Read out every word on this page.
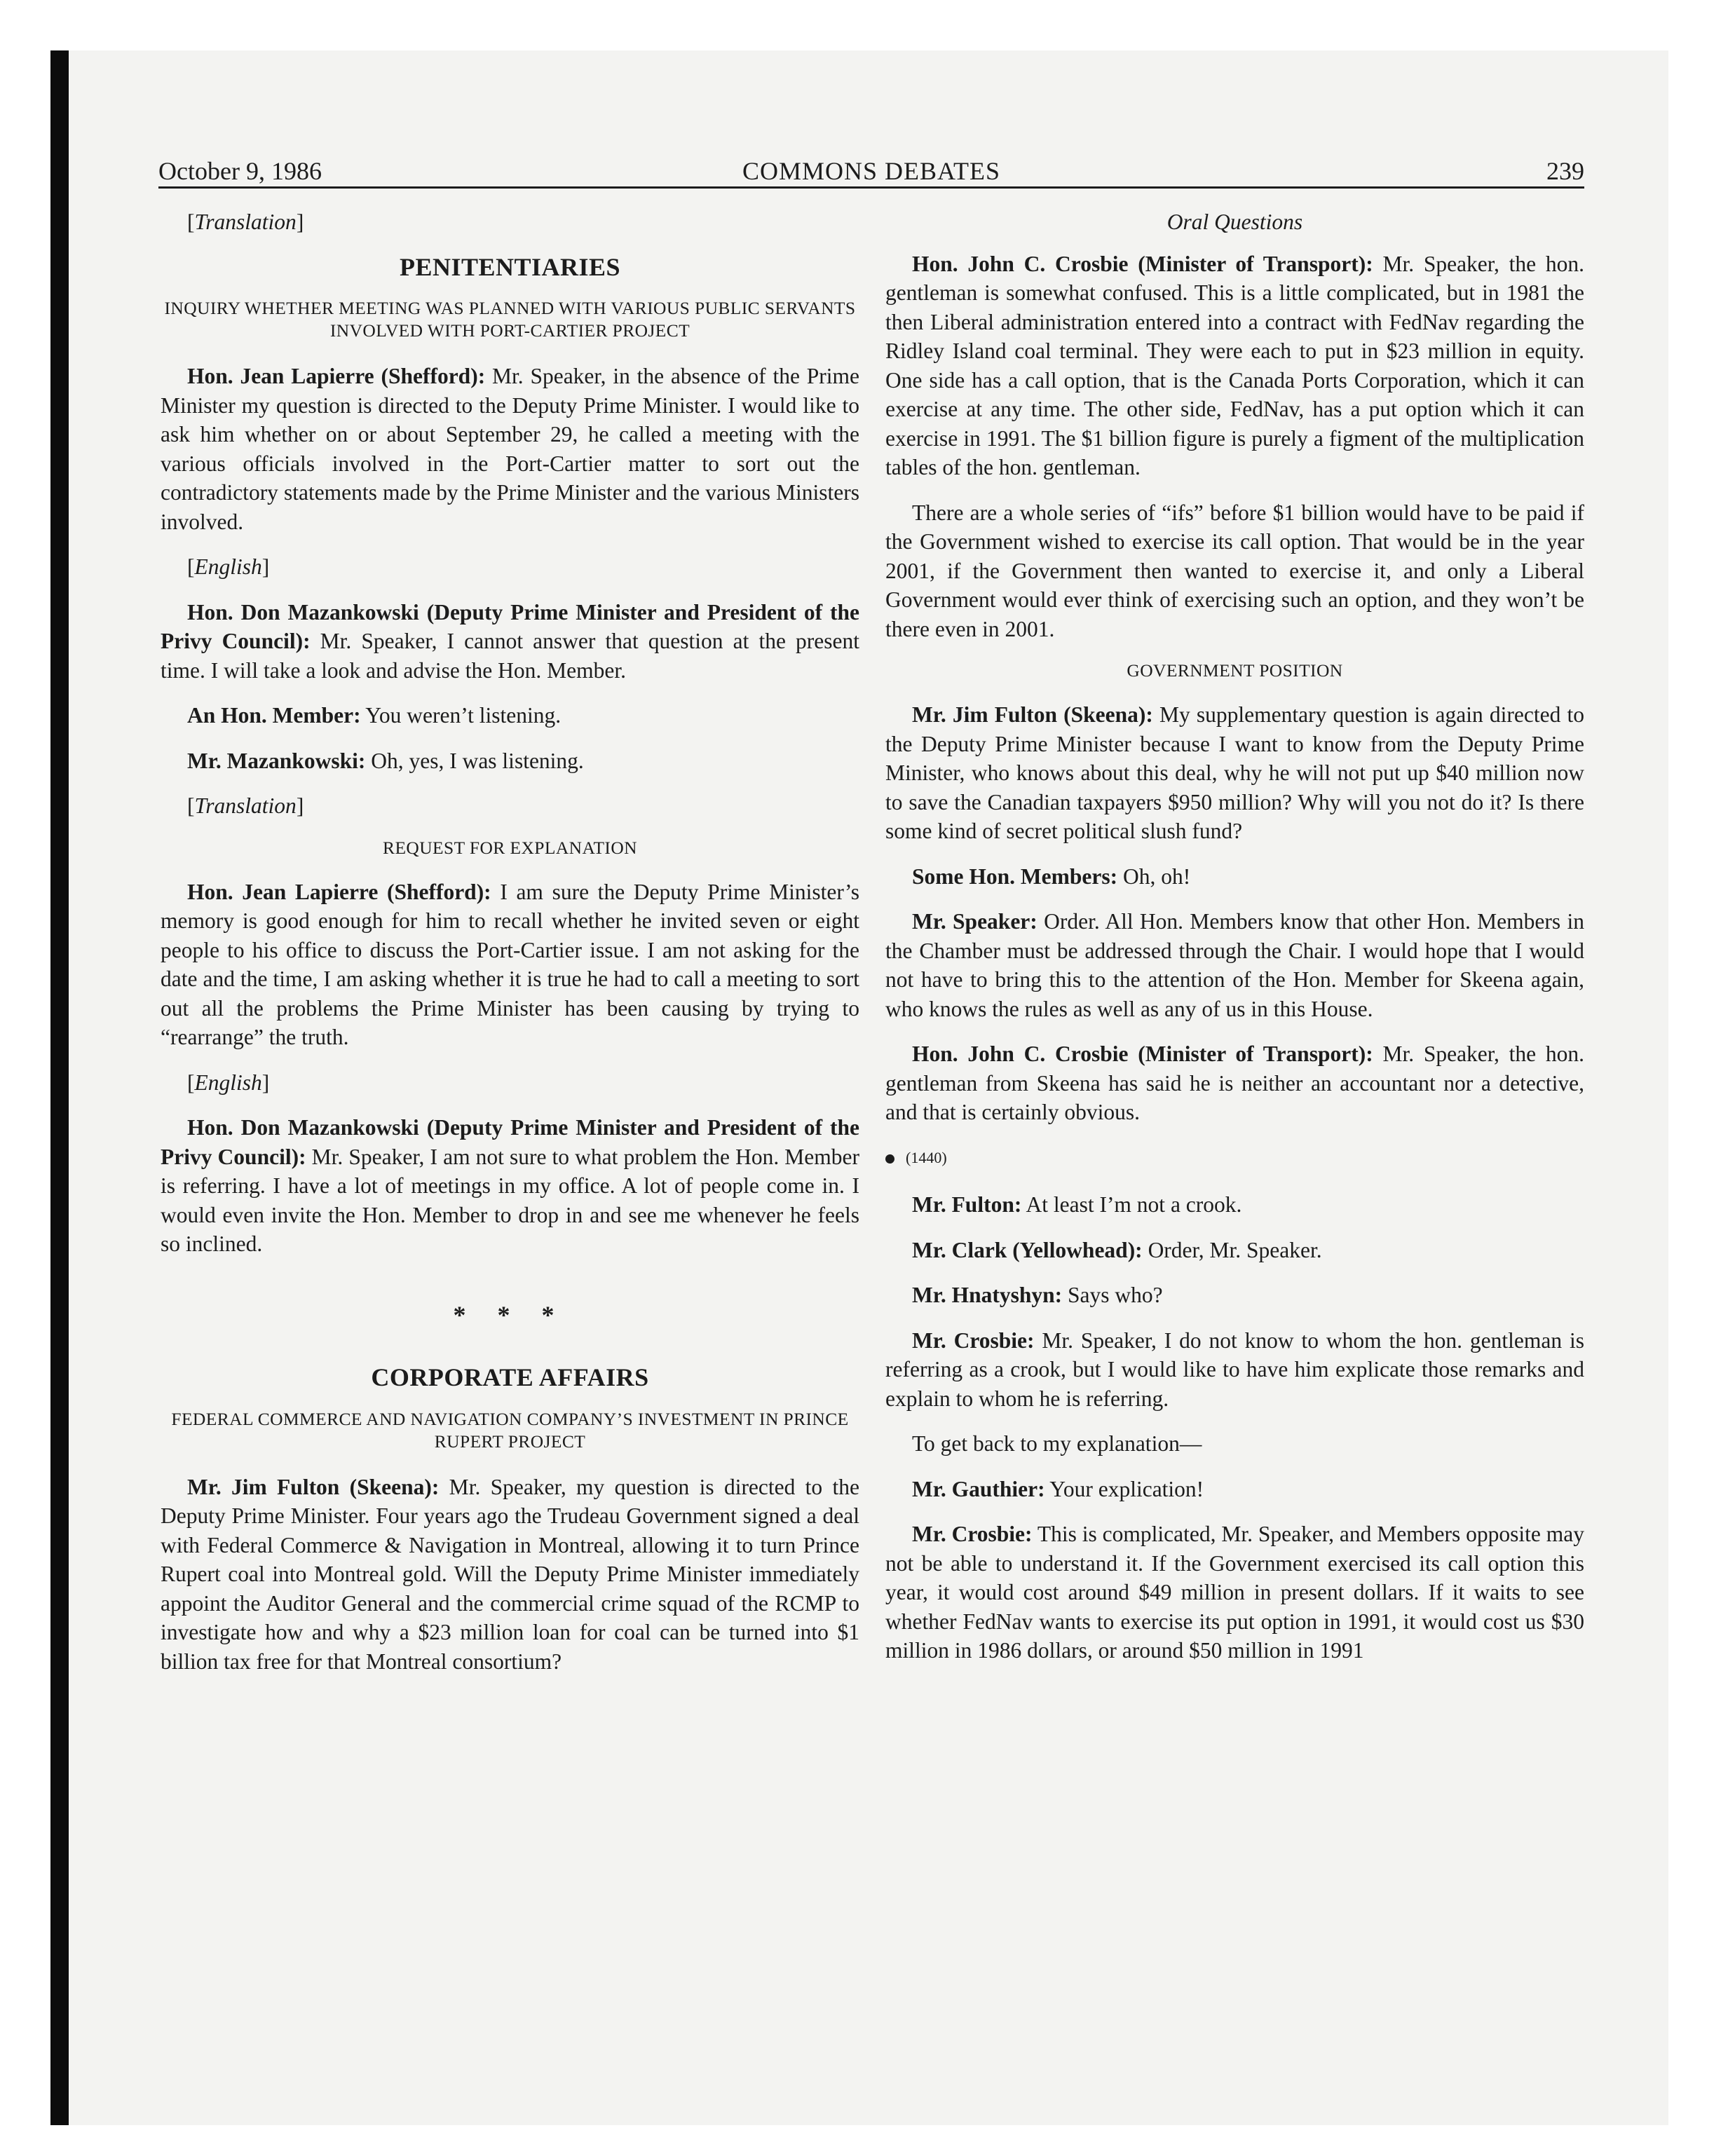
October 9, 1986	COMMONS DEBATES	239

[Translation]

PENITENTIARIES
INQUIRY WHETHER MEETING WAS PLANNED WITH VARIOUS PUBLIC SERVANTS INVOLVED WITH PORT-CARTIER PROJECT

Hon. Jean Lapierre (Shefford): Mr. Speaker, in the absence of the Prime Minister my question is directed to the Deputy Prime Minister. I would like to ask him whether on or about September 29, he called a meeting with the various officials involved in the Port-Cartier matter to sort out the contradictory statements made by the Prime Minister and the various Ministers involved.

[English]

Hon. Don Mazankowski (Deputy Prime Minister and President of the Privy Council): Mr. Speaker, I cannot answer that question at the present time. I will take a look and advise the Hon. Member.

An Hon. Member: You weren’t listening.

Mr. Mazankowski: Oh, yes, I was listening.

[Translation]

REQUEST FOR EXPLANATION

Hon. Jean Lapierre (Shefford): I am sure the Deputy Prime Minister’s memory is good enough for him to recall whether he invited seven or eight people to his office to discuss the Port-Cartier issue. I am not asking for the date and the time, I am asking whether it is true he had to call a meeting to sort out all the problems the Prime Minister has been causing by trying to “rearrange” the truth.

[English]

Hon. Don Mazankowski (Deputy Prime Minister and President of the Privy Council): Mr. Speaker, I am not sure to what problem the Hon. Member is referring. I have a lot of meetings in my office. A lot of people come in. I would even invite the Hon. Member to drop in and see me whenever he feels so inclined.

* * *
CORPORATE AFFAIRS
FEDERAL COMMERCE AND NAVIGATION COMPANY’S INVESTMENT IN PRINCE RUPERT PROJECT

Mr. Jim Fulton (Skeena): Mr. Speaker, my question is directed to the Deputy Prime Minister. Four years ago the Trudeau Government signed a deal with Federal Commerce & Navigation in Montreal, allowing it to turn Prince Rupert coal into Montreal gold. Will the Deputy Prime Minister immediately appoint the Auditor General and the commercial crime squad of the RCMP to investigate how and why a $23 million loan for coal can be turned into $1 billion tax free for that Montreal consortium?

Oral Questions

Hon. John C. Crosbie (Minister of Transport): Mr. Speaker, the hon. gentleman is somewhat confused. This is a little complicated, but in 1981 the then Liberal administration entered into a contract with FedNav regarding the Ridley Island coal terminal. They were each to put in $23 million in equity. One side has a call option, that is the Canada Ports Corporation, which it can exercise at any time. The other side, FedNav, has a put option which it can exercise in 1991. The $1 billion figure is purely a figment of the multiplication tables of the hon. gentleman.

There are a whole series of “ifs” before $1 billion would have to be paid if the Government wished to exercise its call option. That would be in the year 2001, if the Government then wanted to exercise it, and only a Liberal Government would ever think of exercising such an option, and they won’t be there even in 2001.

GOVERNMENT POSITION

Mr. Jim Fulton (Skeena): My supplementary question is again directed to the Deputy Prime Minister because I want to know from the Deputy Prime Minister, who knows about this deal, why he will not put up $40 million now to save the Canadian taxpayers $950 million? Why will you not do it? Is there some kind of secret political slush fund?

Some Hon. Members: Oh, oh!

Mr. Speaker: Order. All Hon. Members know that other Hon. Members in the Chamber must be addressed through the Chair. I would hope that I would not have to bring this to the attention of the Hon. Member for Skeena again, who knows the rules as well as any of us in this House.

Hon. John C. Crosbie (Minister of Transport): Mr. Speaker, the hon. gentleman from Skeena has said he is neither an accountant nor a detective, and that is certainly obvious.

(1440)

Mr. Fulton: At least I’m not a crook.

Mr. Clark (Yellowhead): Order, Mr. Speaker.

Mr. Hnatyshyn: Says who?

Mr. Crosbie: Mr. Speaker, I do not know to whom the hon. gentleman is referring as a crook, but I would like to have him explicate those remarks and explain to whom he is referring.

To get back to my explanation—

Mr. Gauthier: Your explication!

Mr. Crosbie: This is complicated, Mr. Speaker, and Members opposite may not be able to understand it. If the Government exercised its call option this year, it would cost around $49 million in present dollars. If it waits to see whether FedNav wants to exercise its put option in 1991, it would cost us $30 million in 1986 dollars, or around $50 million in 1991
